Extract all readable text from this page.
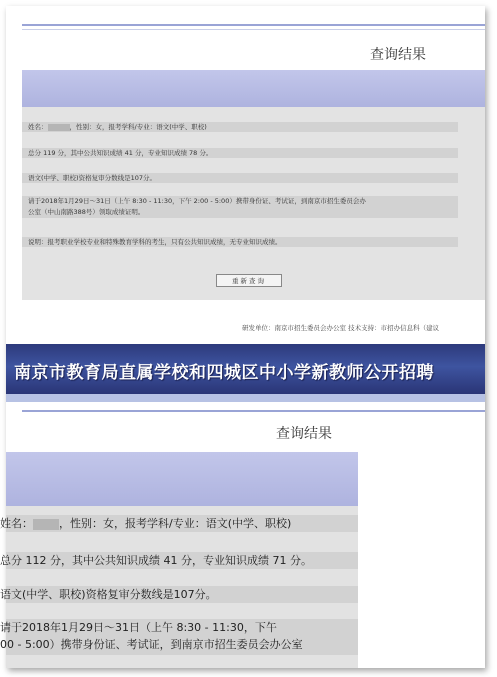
查询结果
姓名：	，性别：女，报考学科/专业：语文(中学、职校)
总分 119 分，其中公共知识成绩 41 分，专业知识成绩 78 分。
语文(中学、职校)资格复审分数线是107分。
请于2018年1月29日～31日（上午 8:30 - 11:30，下午 2:00 - 5:00）携带身份证、考试证，到南京市招生委员会办
公室（中山南路388号）领取成绩证明。
说明：报考职业学校专业和特殊教育学科的考生，只有公共知识成绩，无专业知识成绩。
重新查询
研发单位：南京市招生委员会办公室 技术支持：市招办信息科（建议
南京市教育局直属学校和四城区中小学新教师公开招聘
查询结果
姓名： ，性别：女，报考学科/专业：语文(中学、职校)
总分 112 分，其中公共知识成绩 41 分，专业知识成绩 71 分。
语文(中学、职校)资格复审分数线是107分。
请于2018年1月29日～31日（上午 8:30 - 11:30，下午
00 - 5:00）携带身份证、考试证，到南京市招生委员会办公室
